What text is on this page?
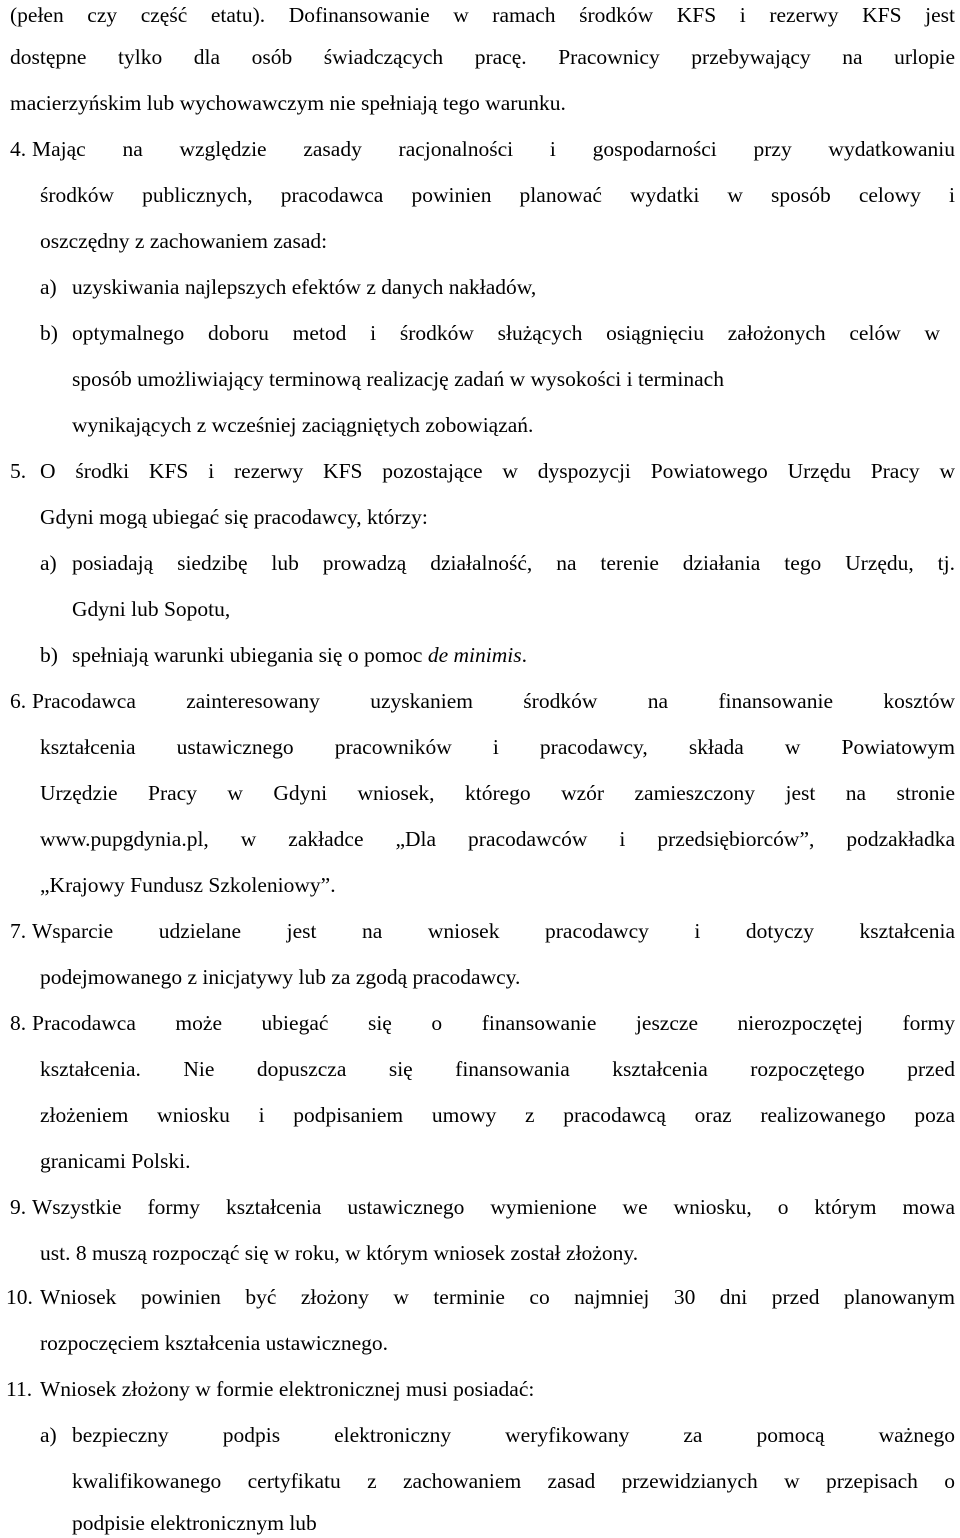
(pełen czy część etatu). Dofinansowanie w ramach środków KFS i rezerwy KFS jest
dostępne tylko dla osób świadczących pracę. Pracownicy przebywający na urlopie
macierzyńskim lub wychowawczym nie spełniają tego warunku.
4. Mając na względzie zasady racjonalności i gospodarności przy wydatkowaniu
środków publicznych, pracodawca powinien planować wydatki w sposób celowy i
oszczędny z zachowaniem zasad:
a) uzyskiwania najlepszych efektów z danych nakładów,
b) optymalnego doboru metod i środków służących osiągnięciu założonych celów w
sposób umożliwiający terminową realizację zadań w wysokości i terminach
wynikających z wcześniej zaciągniętych zobowiązań.
5. O środki KFS i rezerwy KFS pozostające w dyspozycji Powiatowego Urzędu Pracy w
Gdyni mogą ubiegać się pracodawcy, którzy:
a) posiadają siedzibę lub prowadzą działalność, na terenie działania tego Urzędu, tj.
Gdyni lub Sopotu,
b) spełniają warunki ubiegania się o pomoc de minimis.
6. Pracodawca zainteresowany uzyskaniem środków na finansowanie kosztów
kształcenia ustawicznego pracowników i pracodawcy, składa w Powiatowym
Urzędzie Pracy w Gdyni wniosek, którego wzór zamieszczony jest na stronie
www.pupgdynia.pl, w zakładce „Dla pracodawców i przedsiębiorców”, podzakładka
„Krajowy Fundusz Szkoleniowy”.
7. Wsparcie udzielane jest na wniosek pracodawcy i dotyczy kształcenia
podejmowanego z inicjatywy lub za zgodą pracodawcy.
8. Pracodawca może ubiegać się o finansowanie jeszcze nierozpoczętej formy
kształcenia. Nie dopuszcza się finansowania kształcenia rozpoczętego przed
złożeniem wniosku i podpisaniem umowy z pracodawcą oraz realizowanego poza
granicami Polski.
9. Wszystkie formy kształcenia ustawicznego wymienione we wniosku, o którym mowa
ust. 8 muszą rozpocząć się w roku, w którym wniosek został złożony.
10. Wniosek powinien być złożony w terminie co najmniej 30 dni przed planowanym
rozpoczęciem kształcenia ustawicznego.
11. Wniosek złożony w formie elektronicznej musi posiadać:
a) bezpieczny podpis elektroniczny weryfikowany za pomocą ważnego
kwalifikowanego certyfikatu z zachowaniem zasad przewidzianych w przepisach o
podpisie elektronicznym lub
